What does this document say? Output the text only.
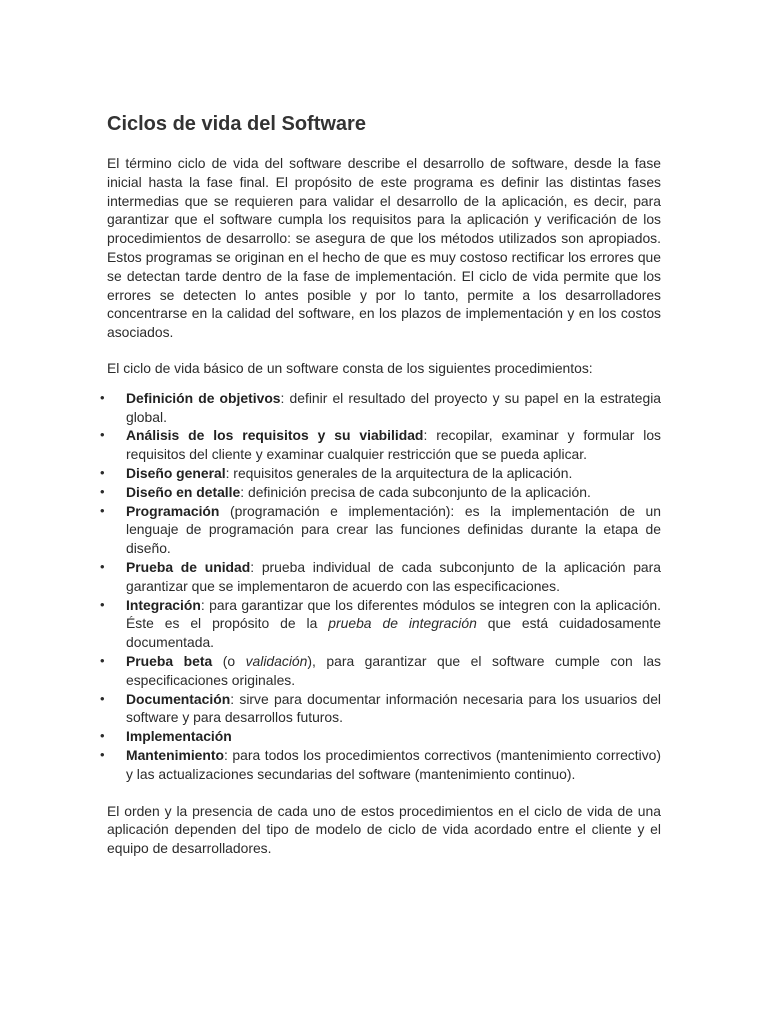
Ciclos de vida del Software

El término ciclo de vida del software describe el desarrollo de software, desde la fase inicial hasta la fase final. El propósito de este programa es definir las distintas fases intermedias que se requieren para validar el desarrollo de la aplicación, es decir, para garantizar que el software cumpla los requisitos para la aplicación y verificación de los procedimientos de desarrollo: se asegura de que los métodos utilizados son apropiados. Estos programas se originan en el hecho de que es muy costoso rectificar los errores que se detectan tarde dentro de la fase de implementación. El ciclo de vida permite que los errores se detecten lo antes posible y por lo tanto, permite a los desarrolladores concentrarse en la calidad del software, en los plazos de implementación y en los costos asociados.

El ciclo de vida básico de un software consta de los siguientes procedimientos:

• Definición de objetivos: definir el resultado del proyecto y su papel en la estrategia global.
• Análisis de los requisitos y su viabilidad: recopilar, examinar y formular los requisitos del cliente y examinar cualquier restricción que se pueda aplicar.
• Diseño general: requisitos generales de la arquitectura de la aplicación.
• Diseño en detalle: definición precisa de cada subconjunto de la aplicación.
• Programación (programación e implementación): es la implementación de un lenguaje de programación para crear las funciones definidas durante la etapa de diseño.
• Prueba de unidad: prueba individual de cada subconjunto de la aplicación para garantizar que se implementaron de acuerdo con las especificaciones.
• Integración: para garantizar que los diferentes módulos se integren con la aplicación. Éste es el propósito de la prueba de integración que está cuidadosamente documentada.
• Prueba beta (o validación), para garantizar que el software cumple con las especificaciones originales.
• Documentación: sirve para documentar información necesaria para los usuarios del software y para desarrollos futuros.
• Implementación
• Mantenimiento: para todos los procedimientos correctivos (mantenimiento correctivo) y las actualizaciones secundarias del software (mantenimiento continuo).

El orden y la presencia de cada uno de estos procedimientos en el ciclo de vida de una aplicación dependen del tipo de modelo de ciclo de vida acordado entre el cliente y el equipo de desarrolladores.
